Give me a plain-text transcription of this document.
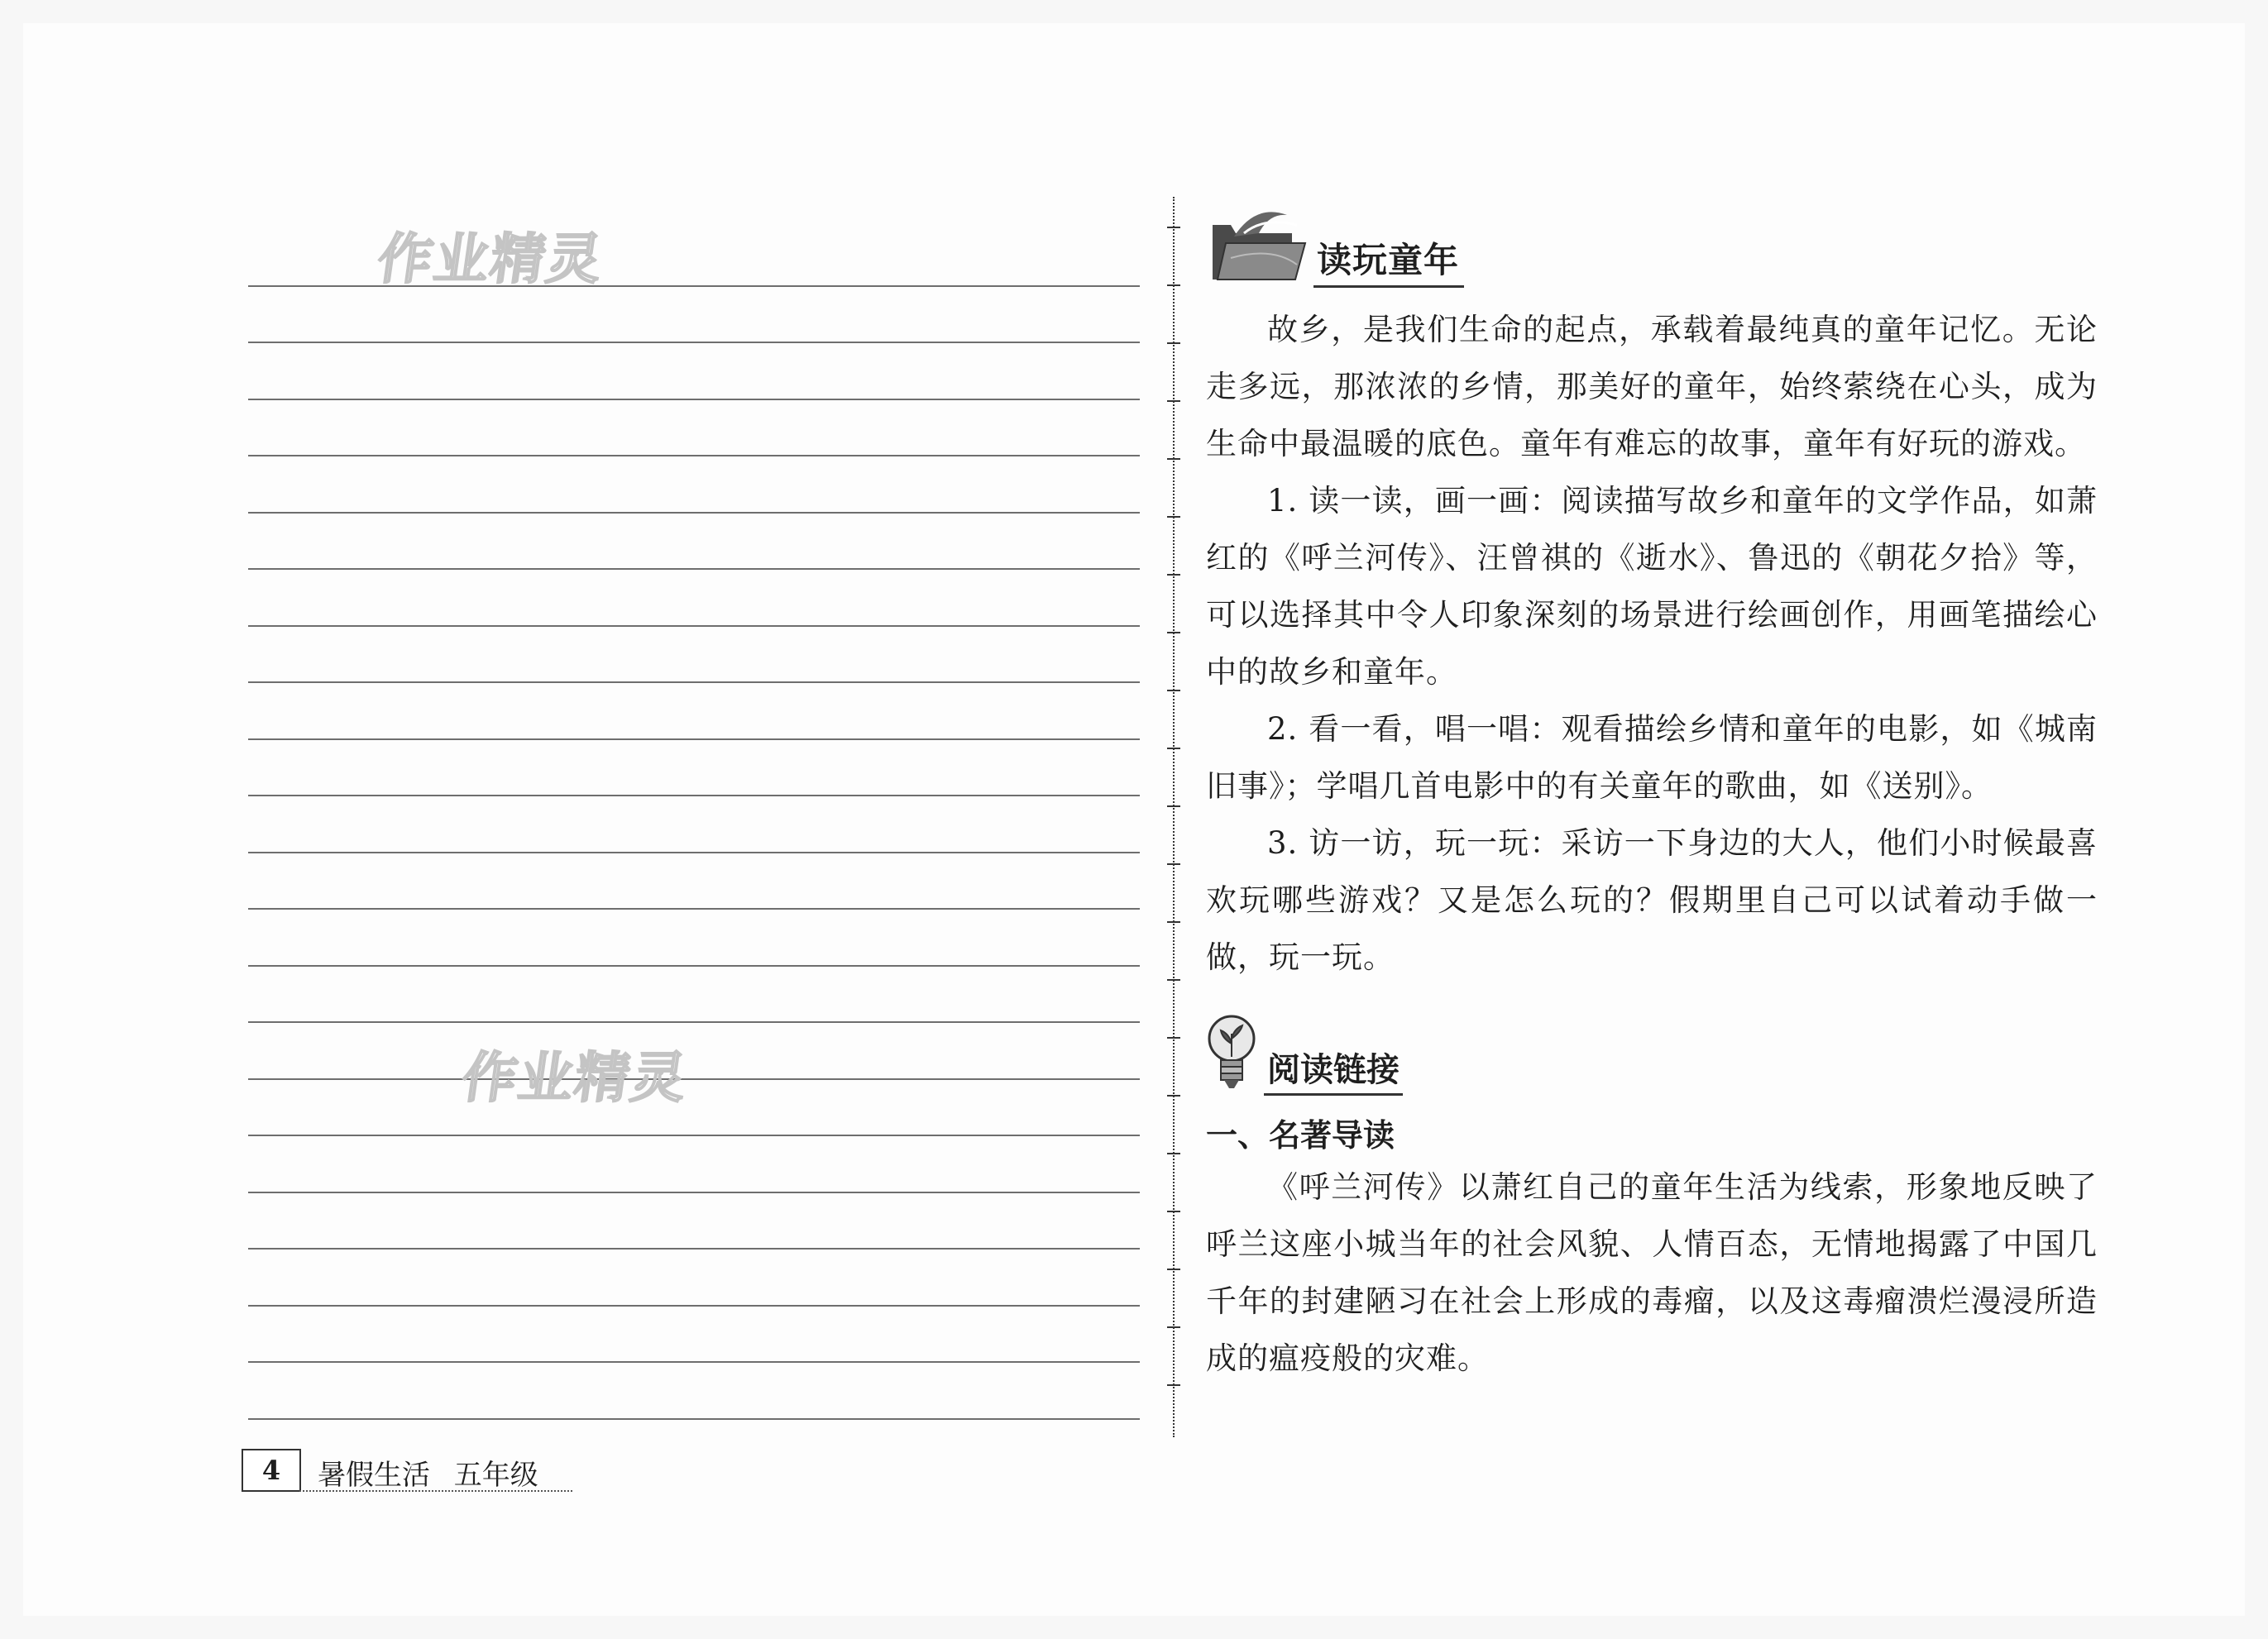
作业精灵
作业精灵
4	暑假生活 五年级
读玩童年

故乡，是我们生命的起点，承载着最纯真的童年记忆。无论走多远，那浓浓的乡情，那美好的童年，始终萦绕在心头，成为生命中最温暖的底色。童年有难忘的故事，童年有好玩的游戏。

1. 读一读，画一画：阅读描写故乡和童年的文学作品，如萧红的《呼兰河传》、汪曾祺的《逝水》、鲁迅的《朝花夕拾》等，可以选择其中令人印象深刻的场景进行绘画创作，用画笔描绘心中的故乡和童年。

2. 看一看，唱一唱：观看描绘乡情和童年的电影，如《城南旧事》；学唱几首电影中的有关童年的歌曲，如《送别》。

3. 访一访，玩一玩：采访一下身边的大人，他们小时候最喜欢玩哪些游戏？又是怎么玩的？假期里自己可以试着动手做一做，玩一玩。

阅读链接
一、名著导读

《呼兰河传》以萧红自己的童年生活为线索，形象地反映了呼兰这座小城当年的社会风貌、人情百态，无情地揭露了中国几千年的封建陋习在社会上形成的毒瘤，以及这毒瘤溃烂漫浸所造成的瘟疫般的灾难。
